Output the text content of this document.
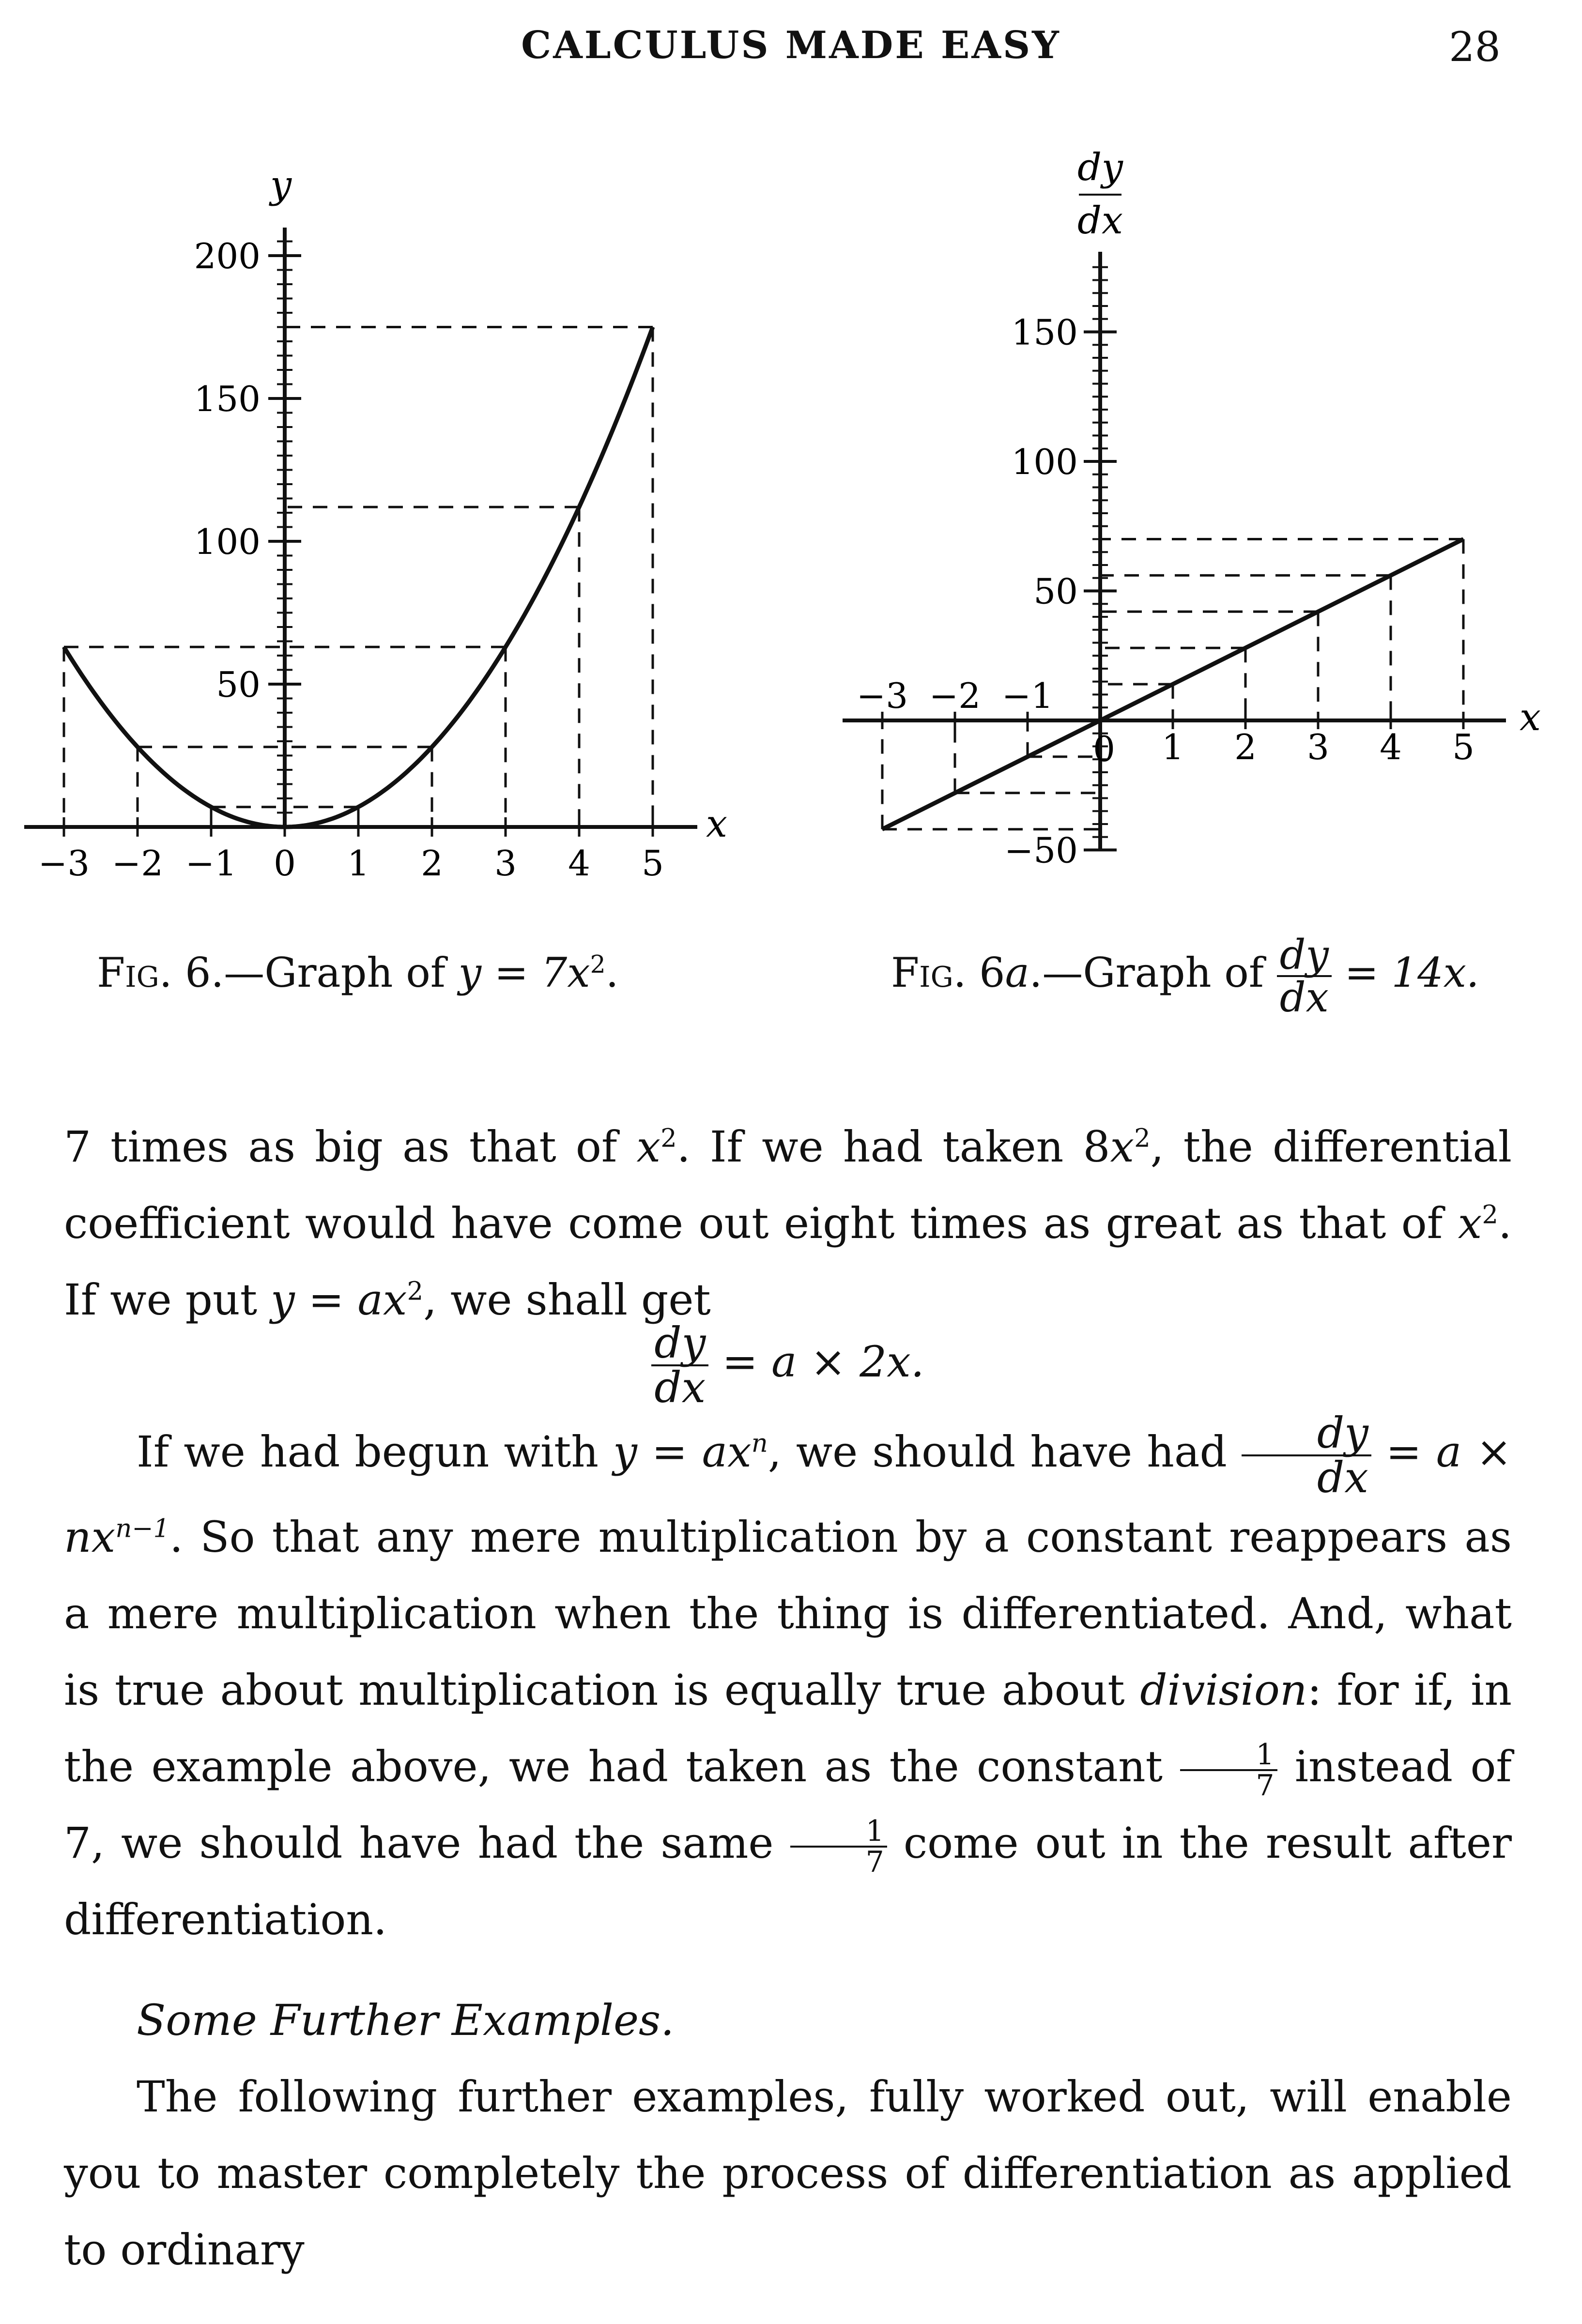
CALCULUS MADE EASY	28
y
x
50
100
150
200
−3 −2 −1 0 1 2 3 4 5
Fig. 6.—Graph of $y = 7x^2$.
dy
dx
x
50
100
150
−50
1 2 3 4 5
−3 −2 −1
0
Fig. 6a.—Graph of $\frac{dy}{dx} = 14x$.

7 times as big as that of $x^2$. If we had taken $8x^2$, the differential coefficient would have come out eight times as great as that of $x^2$. If we put $y = ax^2$, we shall get

$\frac{dy}{dx} = a \times 2x$.

If we had begun with $y = ax^n$, we should have had $\frac{dy}{dx} = a \times nx^{n-1}$. So that any mere multiplication by a constant reappears as a mere multiplication when the thing is differentiated. And, what is true about multiplication is equally true about division: for if, in the example above, we had taken as the constant $\frac{1}{7}$ instead of 7, we should have had the same $\frac{1}{7}$ come out in the result after differentiation.

Some Further Examples.

The following further examples, fully worked out, will enable you to master completely the process of differentiation as applied to ordinary
